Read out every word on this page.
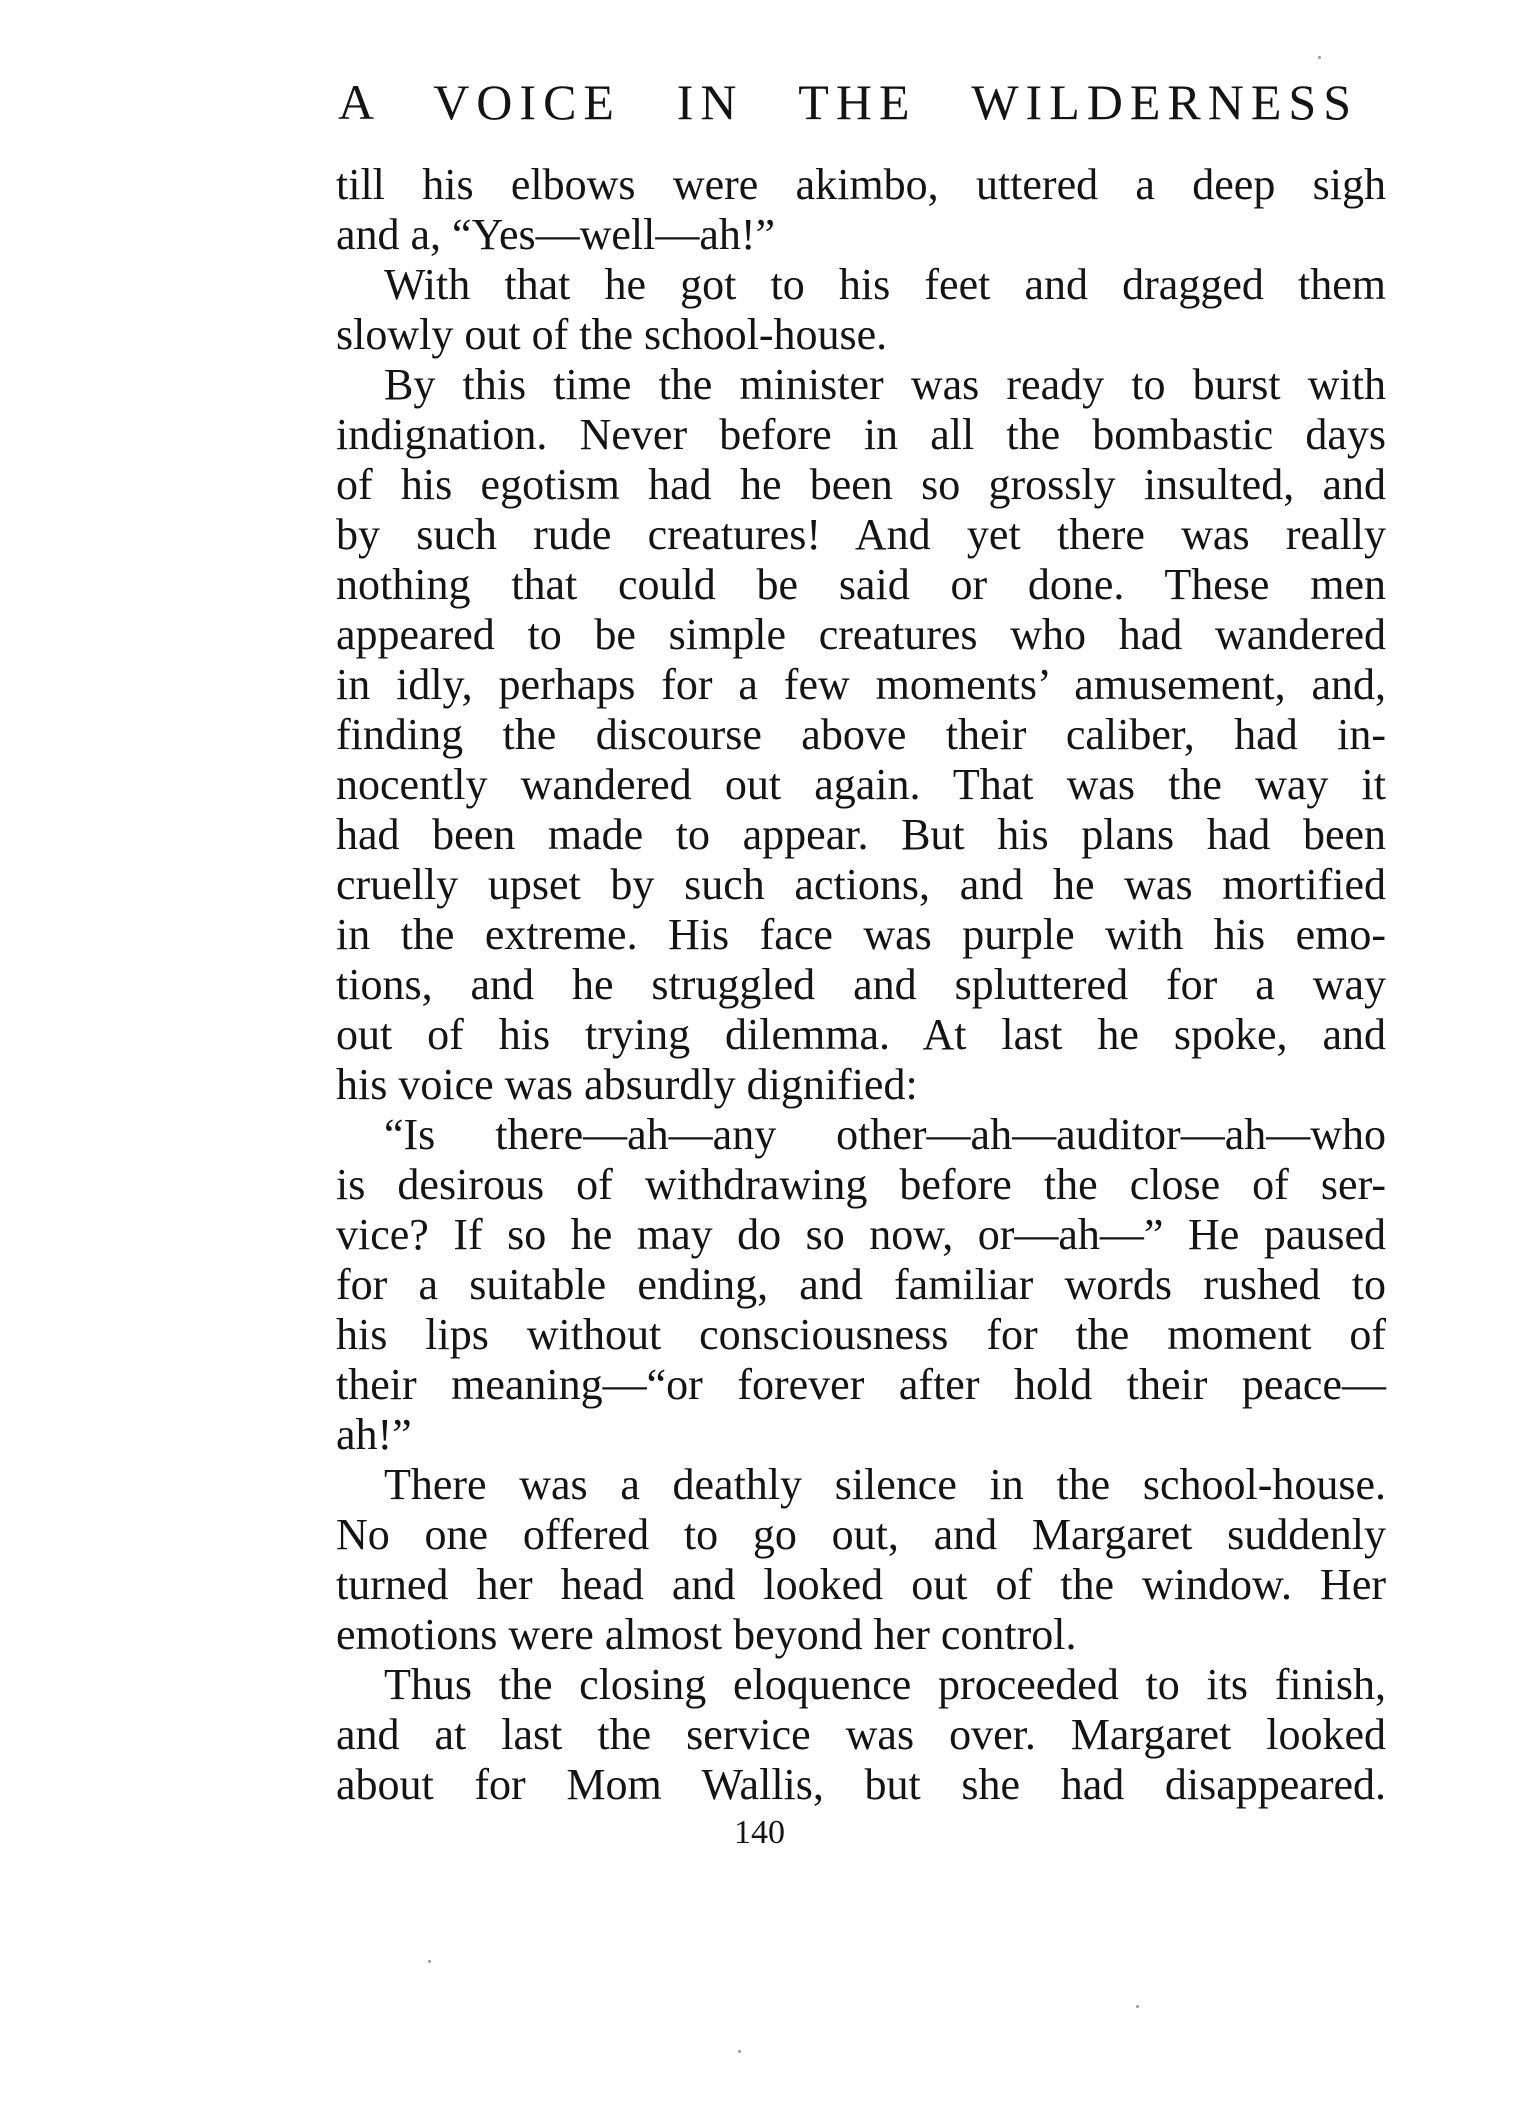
A VOICE IN THE WILDERNESS
till his elbows were akimbo, uttered a deep sigh
and a, “Yes—well—ah!”
With that he got to his feet and dragged them
slowly out of the school-house.
By this time the minister was ready to burst with
indignation. Never before in all the bombastic days
of his egotism had he been so grossly insulted, and
by such rude creatures! And yet there was really
nothing that could be said or done. These men
appeared to be simple creatures who had wandered
in idly, perhaps for a few moments’ amusement, and,
finding the discourse above their caliber, had in-
nocently wandered out again. That was the way it
had been made to appear. But his plans had been
cruelly upset by such actions, and he was mortified
in the extreme. His face was purple with his emo-
tions, and he struggled and spluttered for a way
out of his trying dilemma. At last he spoke, and
his voice was absurdly dignified:
“Is there—ah—any other—ah—auditor—ah—who
is desirous of withdrawing before the close of ser-
vice? If so he may do so now, or—ah—” He paused
for a suitable ending, and familiar words rushed to
his lips without consciousness for the moment of
their meaning—“or forever after hold their peace—
ah!”
There was a deathly silence in the school-house.
No one offered to go out, and Margaret suddenly
turned her head and looked out of the window. Her
emotions were almost beyond her control.
Thus the closing eloquence proceeded to its finish,
and at last the service was over. Margaret looked
about for Mom Wallis, but she had disappeared.
140
